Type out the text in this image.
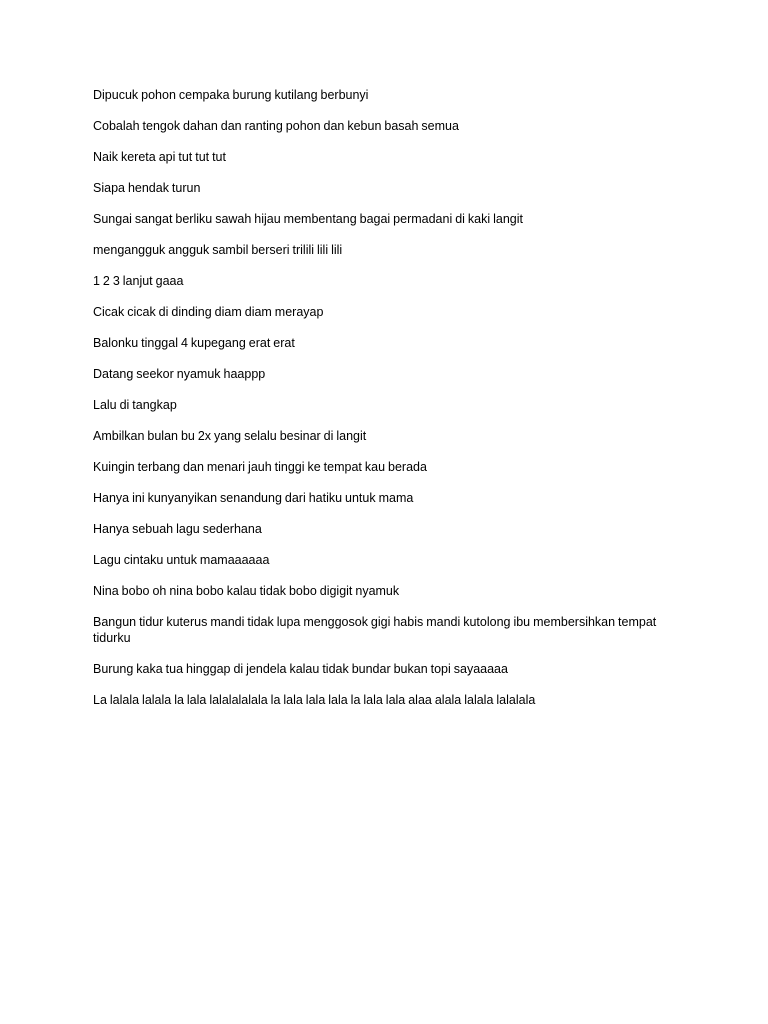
Dipucuk pohon cempaka burung kutilang berbunyi

Cobalah tengok dahan dan ranting pohon dan kebun basah semua

Naik kereta api tut tut tut

Siapa hendak turun

Sungai sangat berliku sawah hijau membentang bagai permadani di kaki langit

mengangguk angguk sambil berseri trilili lili lili

1 2 3 lanjut gaaa

Cicak cicak di dinding diam diam merayap

Balonku tinggal 4 kupegang erat erat

Datang seekor nyamuk haappp

Lalu di tangkap

Ambilkan bulan bu 2x yang selalu besinar di langit

Kuingin terbang dan menari jauh tinggi ke tempat kau berada

Hanya ini kunyanyikan senandung dari hatiku untuk mama

Hanya sebuah lagu sederhana

Lagu cintaku untuk mamaaaaaa

Nina bobo oh nina bobo kalau tidak bobo digigit nyamuk

Bangun tidur kuterus mandi tidak lupa menggosok gigi habis mandi kutolong ibu membersihkan tempat tidurku

Burung kaka tua hinggap di jendela kalau tidak bundar bukan topi sayaaaaa

La lalala lalala la lala lalalalalala la lala lala lala la lala lala alaa alala lalala lalalala
